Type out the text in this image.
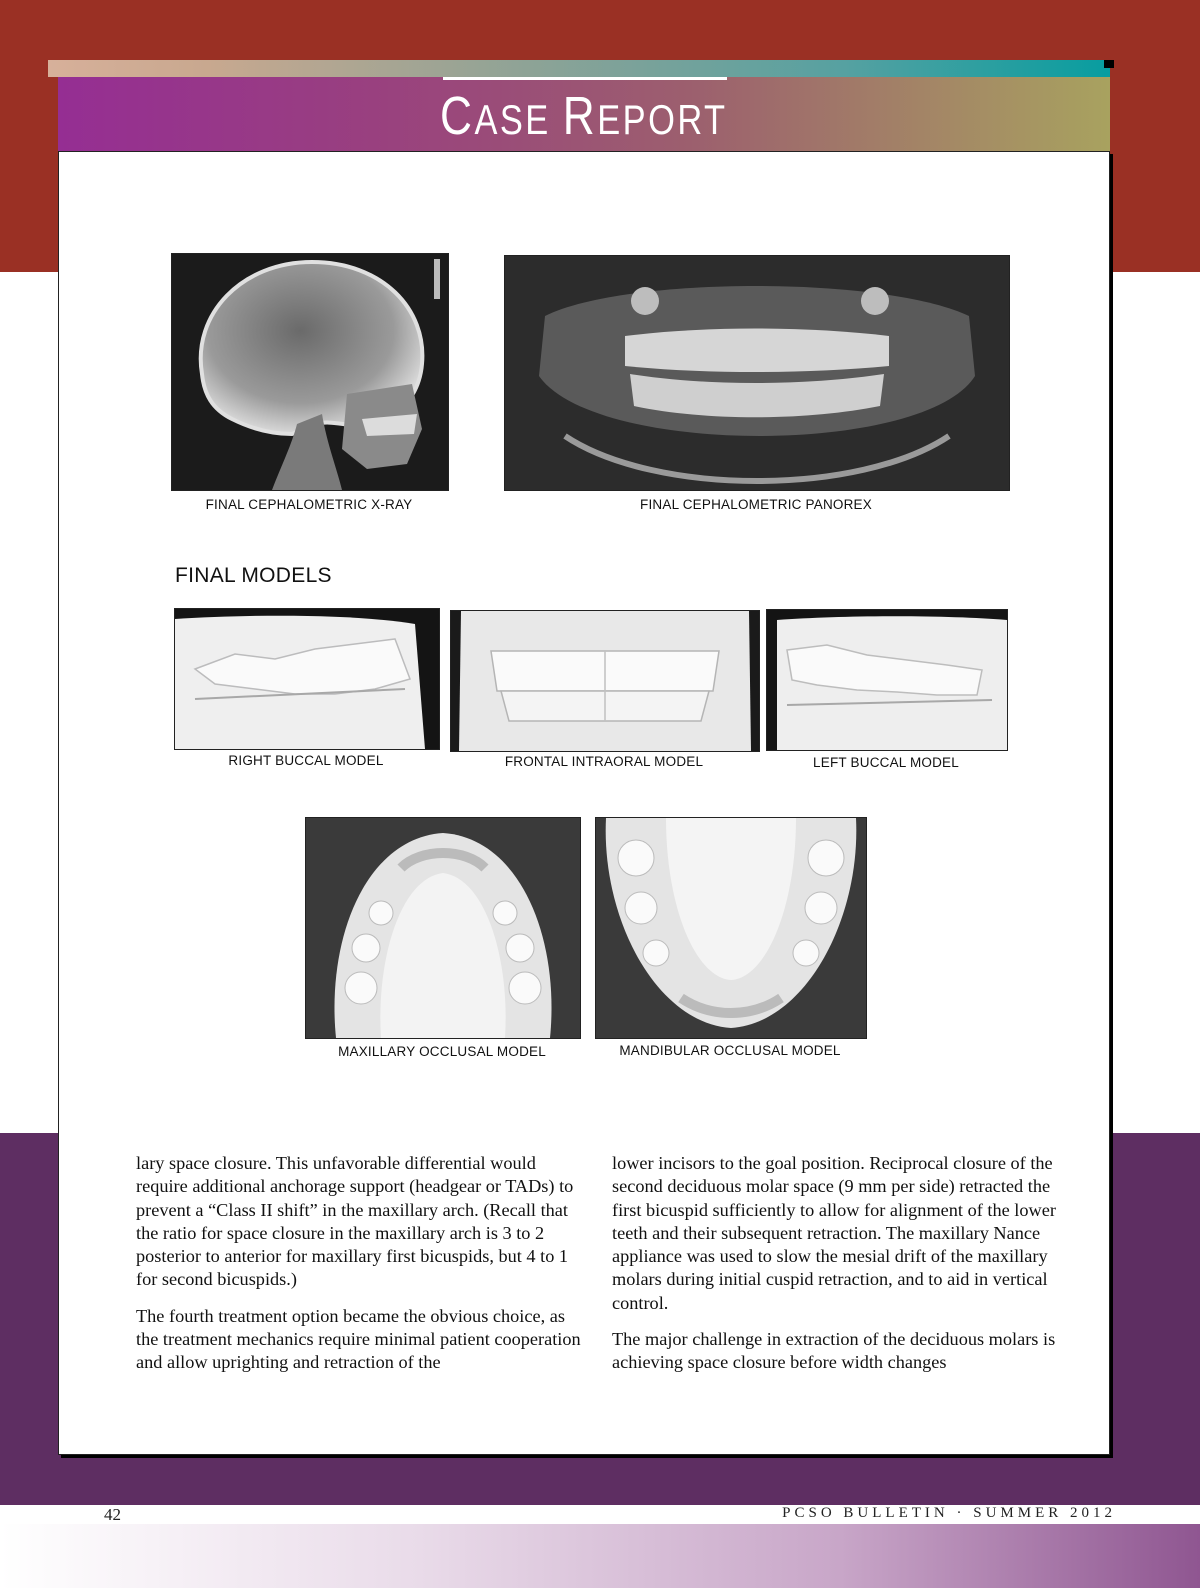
CASE REPORT

FINAL CEPHALOMETRIC X-RAY	FINAL CEPHALOMETRIC PANOREX

FINAL MODELS

RIGHT BUCCAL MODEL	FRONTAL INTRAORAL MODEL	LEFT BUCCAL MODEL

MAXILLARY OCCLUSAL MODEL	MANDIBULAR OCCLUSAL MODEL

lary space closure. This unfavorable differential would require additional anchorage support (headgear or TADs) to prevent a “Class II shift” in the maxillary arch. (Recall that the ratio for space closure in the maxillary arch is 3 to 2 posterior to anterior for maxillary first bicuspids, but 4 to 1 for second bicuspids.)

The fourth treatment option became the obvious choice, as the treatment mechanics require minimal patient cooperation and allow uprighting and retraction of the

lower incisors to the goal position. Reciprocal closure of the second deciduous molar space (9 mm per side) retracted the first bicuspid sufficiently to allow for alignment of the lower teeth and their subsequent retraction. The maxillary Nance appliance was used to slow the mesial drift of the maxillary molars during initial cuspid retraction, and to aid in vertical control.

The major challenge in extraction of the deciduous molars is achieving space closure before width changes

42	PCSO BULLETIN · SUMMER 2012
